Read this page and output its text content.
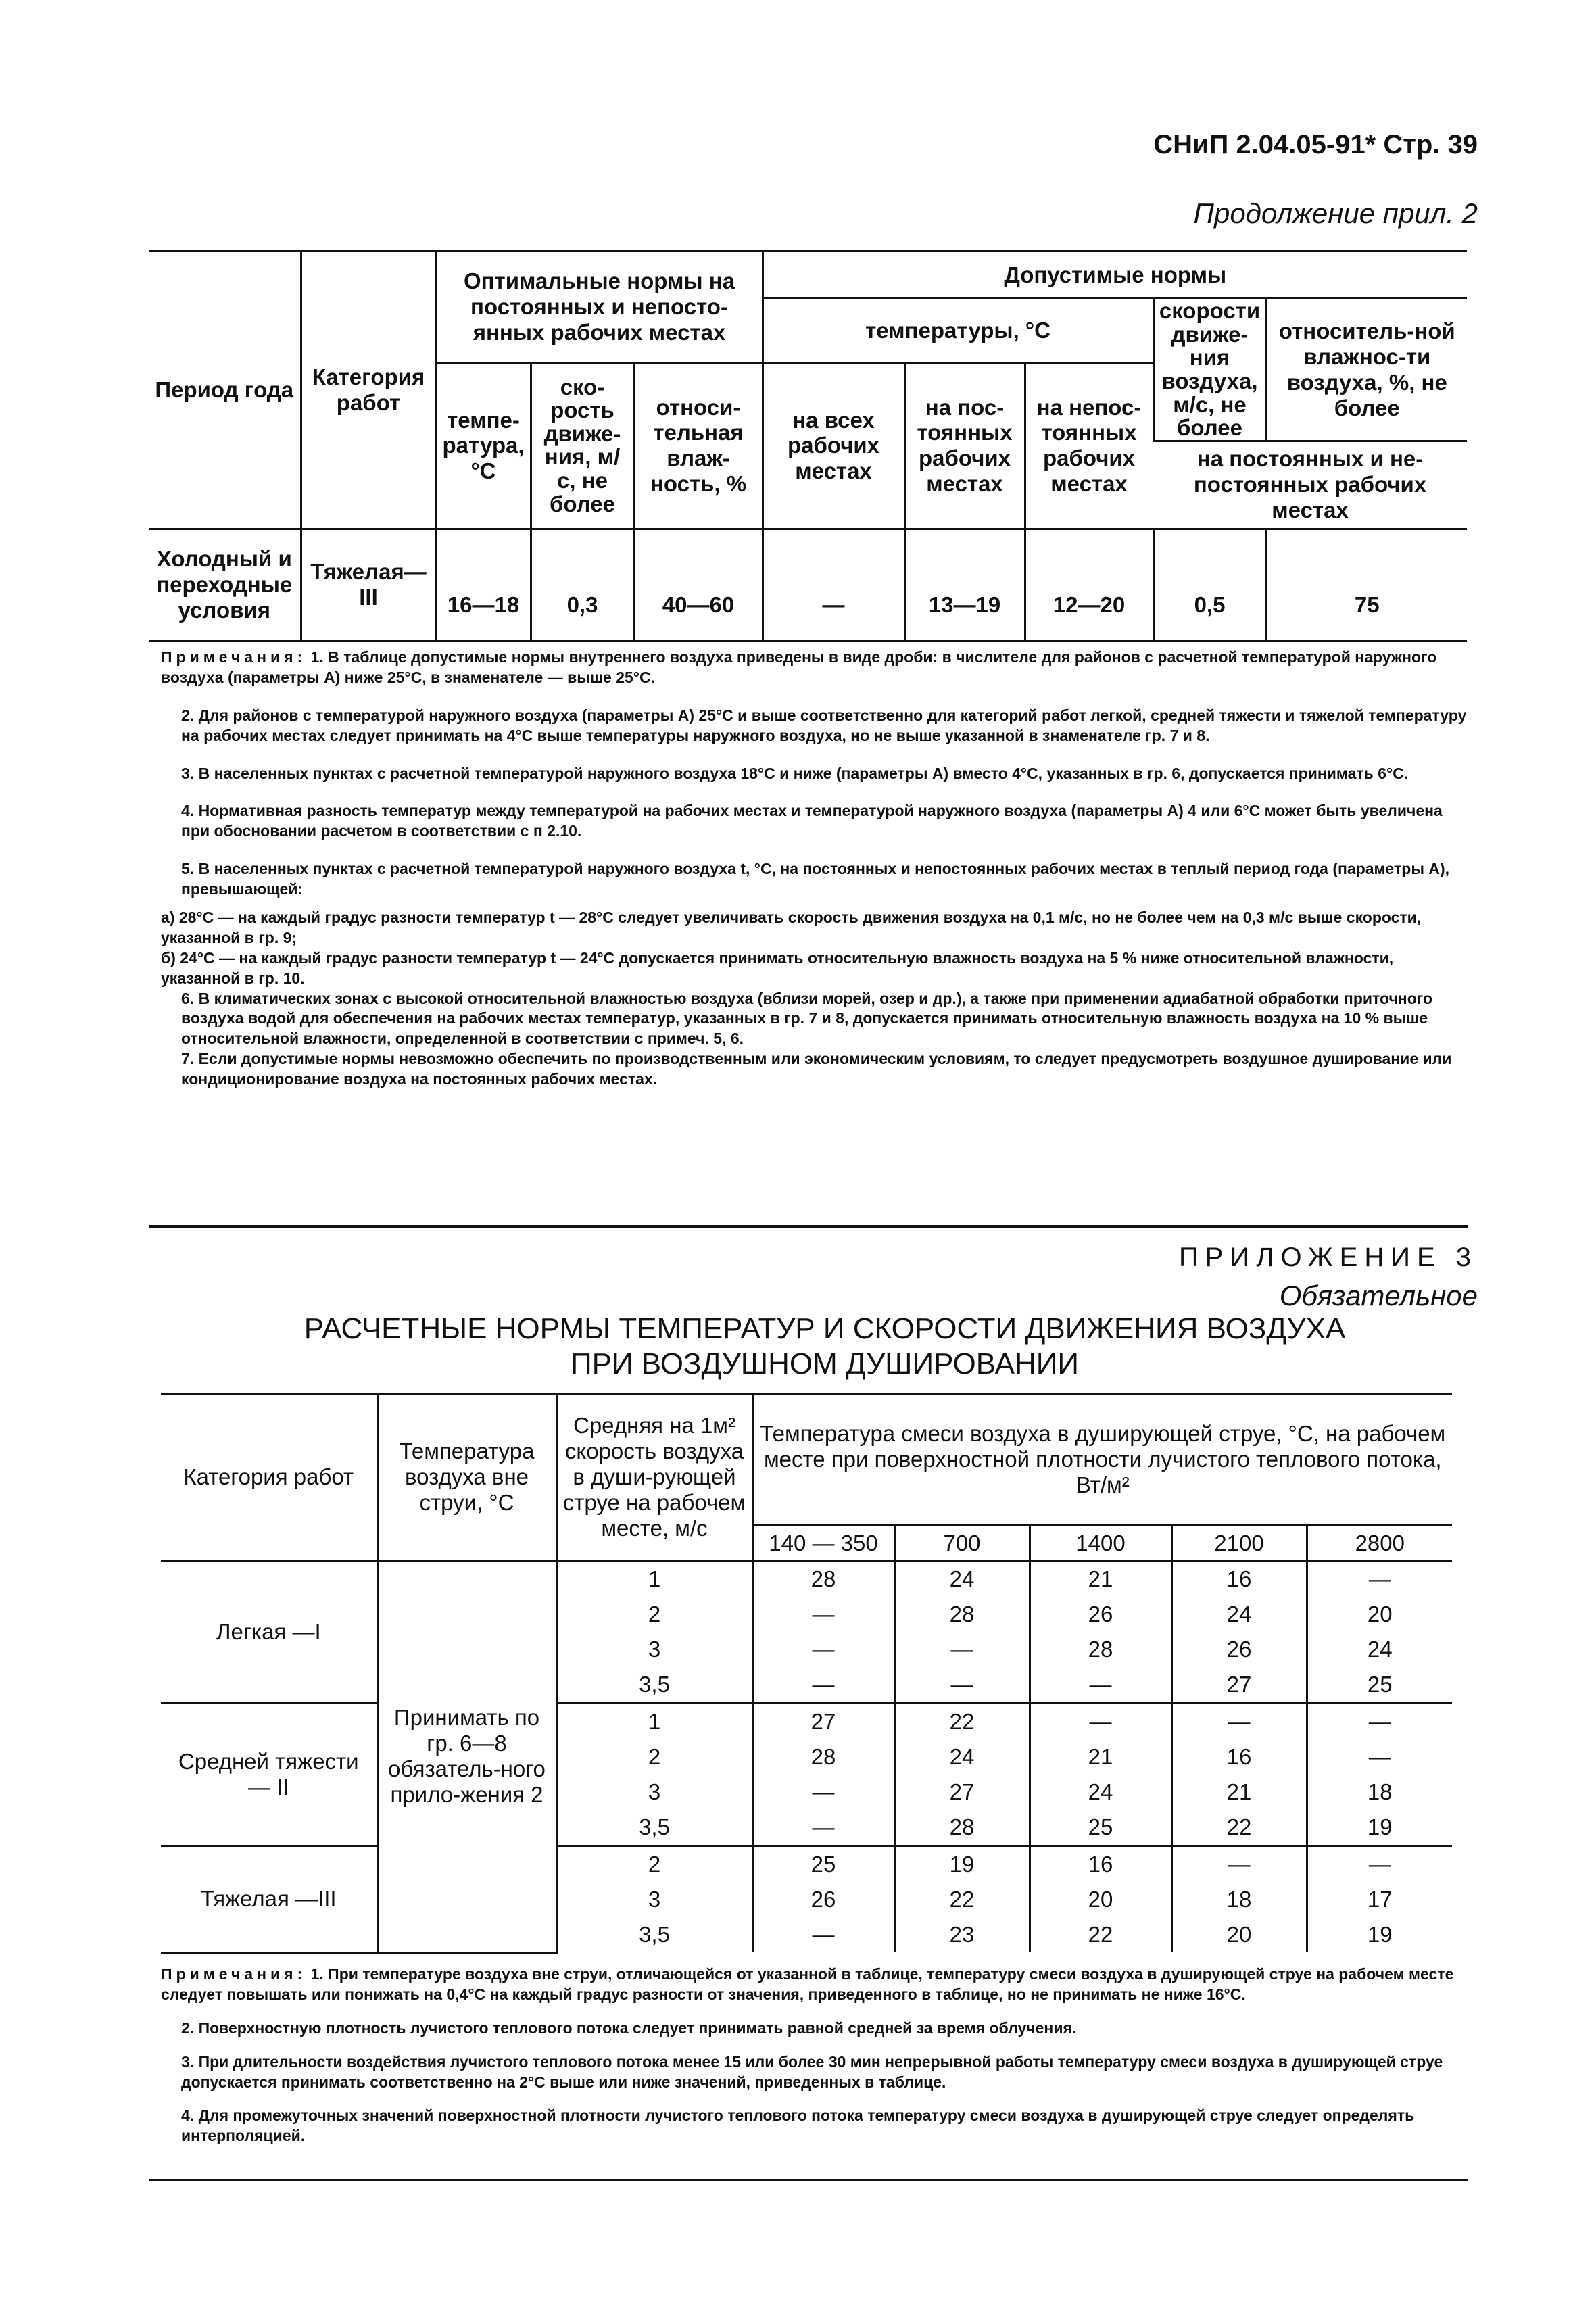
СНиП 2.04.05-91* Стр. 39
Продолжение прил. 2
Период года	Категория работ	Оптимальные нормы на постоянных и непосто-янных рабочих местах			Допустимые нормы				
					температуры, °С			скорости движе-ния воздуха, м/с, не более	относитель-ной влажнос-ти воздуха, %, не более
		темпе-ратура, °С	ско-рость движе-ния, м/с, не более	относи-тельная влаж-ность, %	на всех рабочих местах	на пос-тоянных рабочих местах	на непос-тоянных рабочих местах		
								на постоянных и не-постоянных рабочих местах	
Холодный и переходные условия	Тяжелая— III	16—18	0,3	40—60	—	13—19	12—20	0,5	75

Примечания: 1. В таблице допустимые нормы внутреннего воздуха приведены в виде дроби: в числителе для районов с расчетной температурой наружного воздуха (параметры А) ниже 25°С, в знаменателе — выше 25°С.

2. Для районов с температурой наружного воздуха (параметры А) 25°С и выше соответственно для категорий работ легкой, средней тяжести и тяжелой температуру на рабочих местах следует принимать на 4°С выше температуры наружного воздуха, но не выше указанной в знаменателе гр. 7 и 8.

3. В населенных пунктах с расчетной температурой наружного воздуха 18°С и ниже (параметры А) вместо 4°С, указанных в гр. 6, допускается принимать 6°С.

4. Нормативная разность температур между температурой на рабочих местах и температурой наружного воздуха (параметры А) 4 или 6°С может быть увеличена при обосновании расчетом в соответствии с п 2.10.

5. В населенных пунктах с расчетной температурой наружного воздуха t, °С, на постоянных и непостоянных рабочих местах в теплый период года (параметры А), превышающей:

а) 28°С — на каждый градус разности температур t — 28°С следует увеличивать скорость движения воздуха на 0,1 м/с, но не более чем на 0,3 м/с выше скорости, указанной в гр. 9;

б) 24°С — на каждый градус разности температур t — 24°С допускается принимать относительную влажность воздуха на 5 % ниже относительной влажности, указанной в гр. 10.

6. В климатических зонах с высокой относительной влажностью воздуха (вблизи морей, озер и др.), а также при применении адиабатной обработки приточного воздуха водой для обеспечения на рабочих местах температур, указанных в гр. 7 и 8, допускается принимать относительную влажность воздуха на 10 % выше относительной влажности, определенной в соответствии с примеч. 5, 6.

7. Если допустимые нормы невозможно обеспечить по производственным или экономическим условиям, то следует предусмотреть воздушное душирование или кондиционирование воздуха на постоянных рабочих местах.

ПРИЛОЖЕНИЕ 3
Обязательное
РАСЧЕТНЫЕ НОРМЫ ТЕМПЕРАТУР И СКОРОСТИ ДВИЖЕНИЯ ВОЗДУХА
ПРИ ВОЗДУШНОМ ДУШИРОВАНИИ
Категория работ	Температура воздуха вне струи, °С	Средняя на 1м² скорость воздуха в души-рующей струе на рабочем месте, м/с	Температура смеси воздуха в душирующей струе, °С, на рабочем месте при поверхностной плотности лучистого теплового потока, Вт/м²				
			140 — 350	700	1400	2100	2800
Легкая —I	Принимать по гр. 6—8 обязатель-ного прило-жения 2	1	28	24	21	16	—
		2	—	28	26	24	20
		3	—	—	28	26	24
		3,5	—	—	—	27	25
Средней тяжести — II		1	27	22	—	—	—
		2	28	24	21	16	—
		3	—	27	24	21	18
		3,5	—	28	25	22	19
Тяжелая —III		2	25	19	16	—	—
		3	26	22	20	18	17
		3,5	—	23	22	20	19

Примечания: 1. При температуре воздуха вне струи, отличающейся от указанной в таблице, температуру смеси воздуха в душирующей струе на рабочем месте следует повышать или понижать на 0,4°С на каждый градус разности от значения, приведенного в таблице, но не принимать не ниже 16°С.

2. Поверхностную плотность лучистого теплового потока следует принимать равной средней за время облучения.

3. При длительности воздействия лучистого теплового потока менее 15 или более 30 мин непрерывной работы температуру смеси воздуха в душирующей струе допускается принимать соответственно на 2°С выше или ниже значений, приведенных в таблице.

4. Для промежуточных значений поверхностной плотности лучистого теплового потока температуру смеси воздуха в душирующей струе следует определять интерполяцией.
